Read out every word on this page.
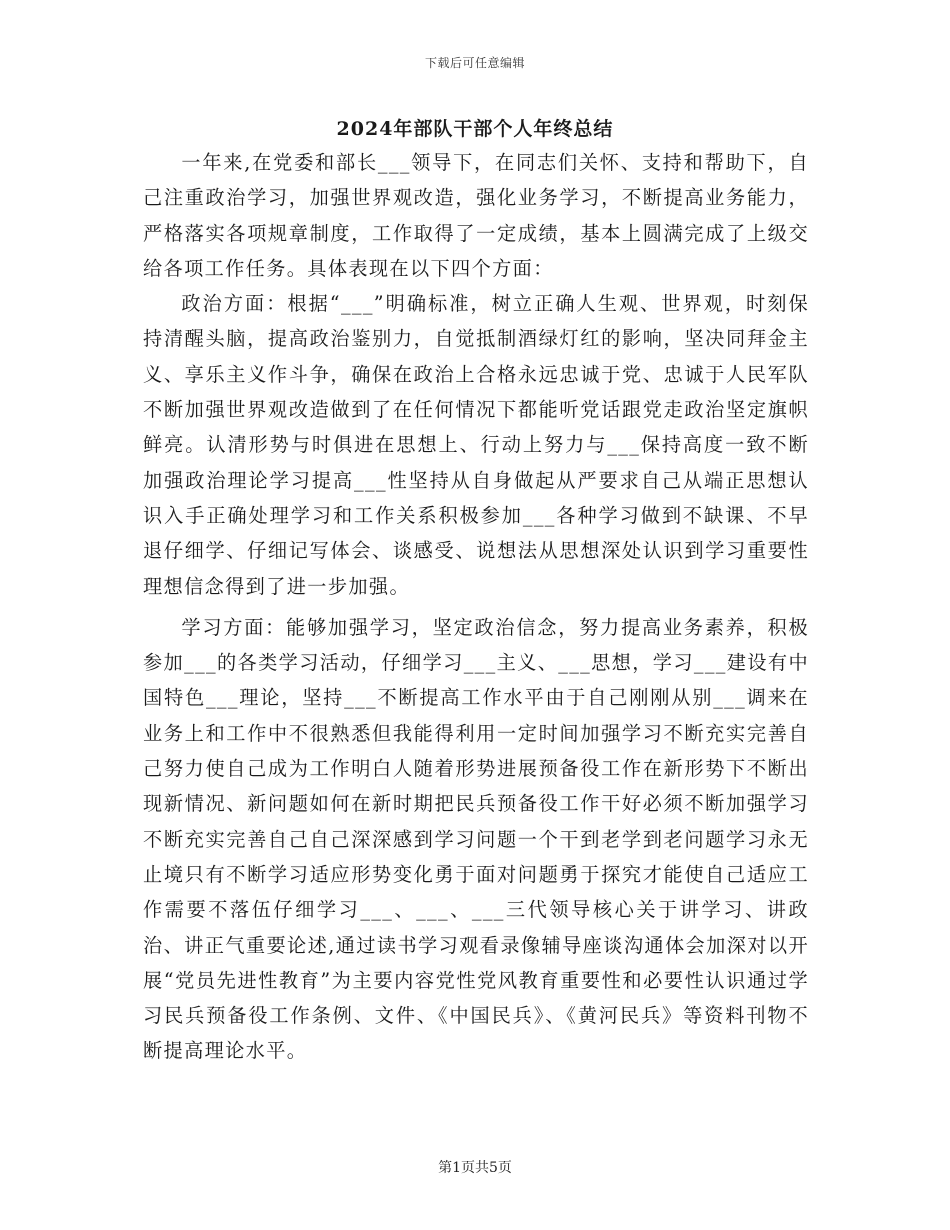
下载后可任意编辑
2024年部队干部个人年终总结

一年来,在党委和部长___领导下，在同志们关怀、支持和帮助下，自己注重政治学习，加强世界观改造，强化业务学习，不断提高业务能力，严格落实各项规章制度，工作取得了一定成绩，基本上圆满完成了上级交给各项工作任务。具体表现在以下四个方面：

政治方面：根据“___”明确标准，树立正确人生观、世界观，时刻保持清醒头脑，提高政治鉴别力，自觉抵制酒绿灯红的影响，坚决同拜金主义、享乐主义作斗争，确保在政治上合格永远忠诚于党、忠诚于人民军队不断加强世界观改造做到了在任何情况下都能听党话跟党走政治坚定旗帜鲜亮。认清形势与时俱进在思想上、行动上努力与___保持高度一致不断加强政治理论学习提高___性坚持从自身做起从严要求自己从端正思想认识入手正确处理学习和工作关系积极参加___各种学习做到不缺课、不早退仔细学、仔细记写体会、谈感受、说想法从思想深处认识到学习重要性理想信念得到了进一步加强。

学习方面：能够加强学习，坚定政治信念，努力提高业务素养，积极参加___的各类学习活动，仔细学习___主义、___思想，学习___建设有中国特色___理论，坚持___不断提高工作水平由于自己刚刚从别___调来在业务上和工作中不很熟悉但我能得利用一定时间加强学习不断充实完善自己努力使自己成为工作明白人随着形势进展预备役工作在新形势下不断出现新情况、新问题如何在新时期把民兵预备役工作干好必须不断加强学习不断充实完善自己自己深深感到学习问题一个干到老学到老问题学习永无止境只有不断学习适应形势变化勇于面对问题勇于探究才能使自己适应工作需要不落伍仔细学习___、___、___三代领导核心关于讲学习、讲政治、讲正气重要论述,通过读书学习观看录像辅导座谈沟通体会加深对以开展“党员先进性教育”为主要内容党性党风教育重要性和必要性认识通过学习民兵预备役工作条例、文件、《中国民兵》、《黄河民兵》等资料刊物不断提高理论水平。

第1页共5页
